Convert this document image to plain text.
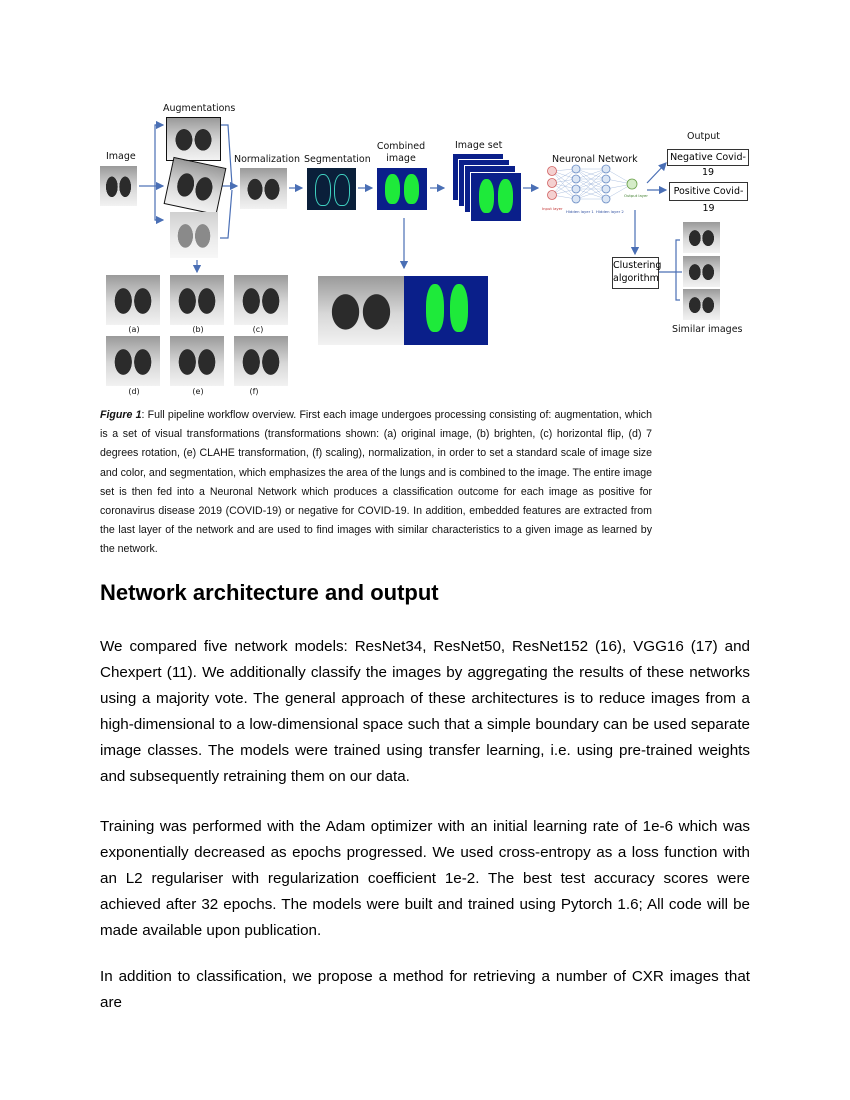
Augmentations
Image	Normalization Segmentation
Combined
image
Image set
Neuronal Network
Output
Similar images
Input layer
Hidden layer 1 Hidden layer 2
Output layer
Negative Covid-19
Positive Covid-19
Clustering
algorithm
(a)	(b)	(c)
(d)	(e)	(f)
Figure 1: Full pipeline workflow overview. First each image undergoes processing consisting of: augmentation, which is a set of visual transformations (transformations shown: (a) original image, (b) brighten, (c) horizontal flip, (d) 7 degrees rotation, (e) CLAHE transformation, (f) scaling), normalization, in order to set a standard scale of image size and color, and segmentation, which emphasizes the area of the lungs and is combined to the image. The entire image set is then fed into a Neuronal Network which produces a classification outcome for each image as positive for coronavirus disease 2019 (COVID-19) or negative for COVID-19. In addition, embedded features are extracted from the last layer of the network and are used to find images with similar characteristics to a given image as learned by the network.
Network architecture and output

We compared five network models: ResNet34, ResNet50, ResNet152 (16), VGG16 (17) and Chexpert (11). We additionally classify the images by aggregating the results of these networks using a majority vote. The general approach of these architectures is to reduce images from a high-dimensional to a low-dimensional space such that a simple boundary can be used separate image classes. The models were trained using transfer learning, i.e. using pre-trained weights and subsequently retraining them on our data.

Training was performed with the Adam optimizer with an initial learning rate of 1e-6 which was exponentially decreased as epochs progressed. We used cross-entropy as a loss function with an L2 regulariser with regularization coefficient 1e-2. The best test accuracy scores were achieved after 32 epochs. The models were built and trained using Pytorch 1.6; All code will be made available upon publication.

In addition to classification, we propose a method for retrieving a number of CXR images that are
